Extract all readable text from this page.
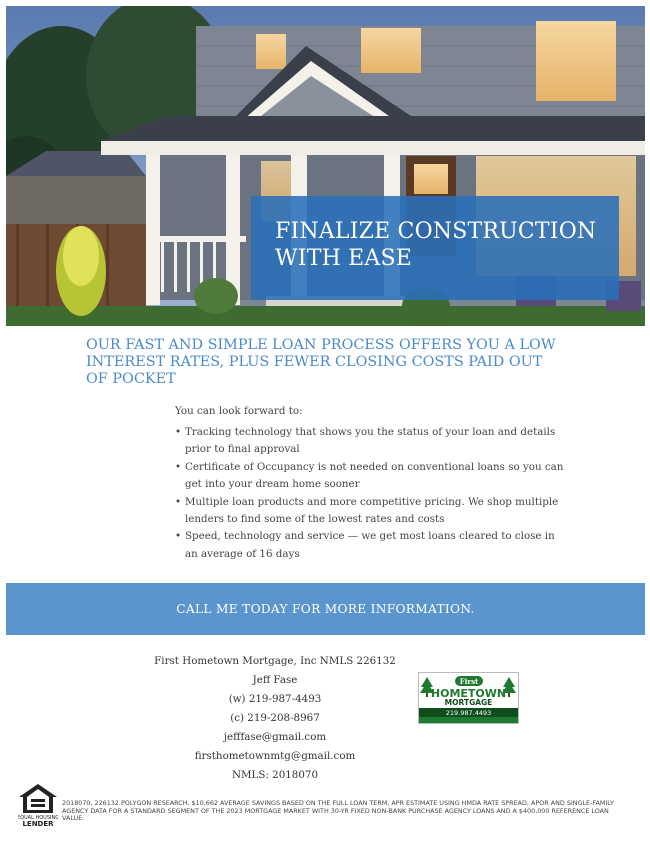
FINALIZE CONSTRUCTION WITH EASE

OUR FAST AND SIMPLE LOAN PROCESS OFFERS YOU A LOW INTEREST RATES, PLUS FEWER CLOSING COSTS PAID OUT OF POCKET

You can look forward to:

• Tracking technology that shows you the status of your loan and details prior to final approval
• Certificate of Occupancy is not needed on conventional loans so you can get into your dream home sooner
• Multiple loan products and more competitive pricing. We shop multiple lenders to find some of the lowest rates and costs
• Speed, technology and service — we get most loans cleared to close in an average of 16 days
CALL ME TODAY FOR MORE INFORMATION.
First Hometown Mortgage, Inc NMLS 226132
Jeff Fase
(w) 219-987-4493
(c) 219-208-8967
jefffase@gmail.com
firsthometownmtg@gmail.com
NMLS: 2018070
First
HOMETOWN
MORTGAGE
219.987.4493
EQUAL HOUSING
LENDER

2018070, 226132.POLYGON RESEARCH. $10,662 AVERAGE SAVINGS BASED ON THE FULL LOAN TERM, APR ESTIMATE USING HMDA RATE SPREAD, APOR AND SINGLE-FAMILY AGENCY DATA FOR A STANDARD SEGMENT OF THE 2023 MORTGAGE MARKET WITH 30-YR FIXED NON-BANK PURCHASE AGENCY LOANS AND A $400,000 REFERENCE LOAN VALUE.
